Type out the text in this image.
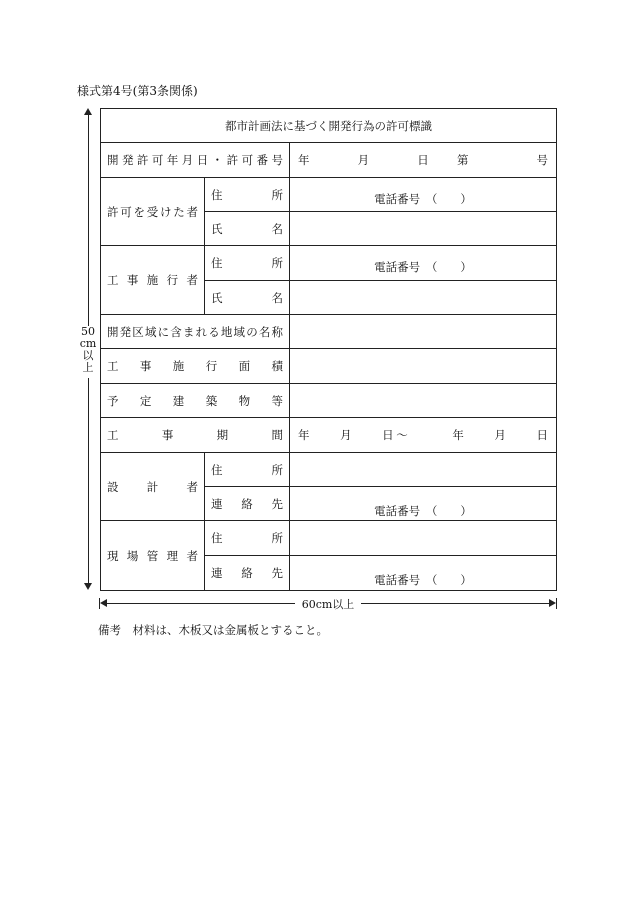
様式第4号(第3条関係)
50
cm
以
上
都市計画法に基づく開発行為の許可標識		
開発許可年月日・許可番号		年　　月　　日　第　　　号
許可を受けた者	住　所	電話番号　（　　）
	氏　名	
工事施行者	住　所	電話番号　（　　）
	氏　名	
開発区域に含まれる地域の名称		
工事施行面積		
予定建築物等		
工事期間		年　　月　　日～　　　年　　月　　日
設計者	住　所	
	連絡先	電話番号　（　　）
現場管理者	住　所	
	連絡先	電話番号　（　　）
60cm以上
備考　材料は、木板又は金属板とすること。
